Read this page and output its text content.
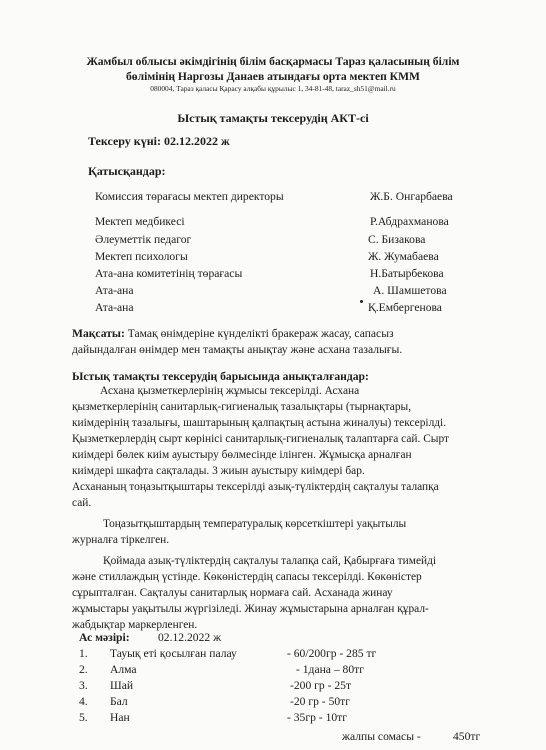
Жамбыл облысы әкімдігінің білім басқармасы Тараз қаласының білім
бөлімінің Наргозы Данаев атындағы орта мектеп КММ
080004, Тараз қаласы Қарасу алқабы құрылыс 1, 34-81-48, taraz_sh51@mail.ru
Ыстық тамақты тексерудің АКТ-сі
Тексеру күні: 02.12.2022 ж
Қатысқандар:
Комиссия төрағасы мектеп директоры	Ж.Б. Онгарбаева
Мектеп медбикесі	Р.Абдрахманова
Әлеуметтік педагог	С. Бизакова
Мектеп психологы	Ж. Жумабаева
Ата-ана комитетінің төрағасы	Н.Батырбекова
Ата-ана	А. Шамшетова
Ата-ана	Қ.Ембергенова
Мақсаты: Тамақ өнімдеріне күнделікті бракераж жасау, сапасыз
дайындалған өнімдер мен тамақты анықтау және асхана тазалығы.
Ыстық тамақты тексерудің барысында анықталғандар:
Асхана қызметкерлерінің жұмысы тексерілді. Асхана
қызметкерлерінің санитарлық-гигиеналық тазалықтары (тырнақтары,
киімдерінің тазалығы, шаштарының қалпақтың астына жиналуы) тексерілді.
Қызметкерлердің сырт көрінісі санитарлық-гигиеналық талаптарға сай. Сырт
киімдері бөлек киім ауыстыру бөлмесінде ілінген. Жұмысқа арналған
киімдері шкафта сақталады. 3 жиын ауыстыру киімдері бар.
Асхананың тоңазытқыштары тексерілді азық-түліктердің сақталуы талапқа
сай.
Тоңазытқыштардың температуралық көрсеткіштері уақытылы
журналға тіркелген.
Қоймада азық-түліктердің сақталуы талапқа сай, Қабырғаға тимейді
және стиллаждың үстінде. Көкөністердің сапасы тексерілді. Көкөністер
сұрыпталған. Сақталуы санитарлық нормаға сай. Асханада жинау
жұмыстары уақытылы жүргізіледі. Жинау жұмыстарына арналған құрал-
жабдықтар маркерленген.
Ас мәзірі: 02.12.2022 ж
1. Тауық еті қосылған палау	- 60/200гр - 285 тг
2. Алма	- 1дана – 80тг
3. Шай	-200 гр - 25т
4. Бал	-20 гр - 50тг
5. Нан	- 35гр - 10тг
жалпы сомасы -	450тг
